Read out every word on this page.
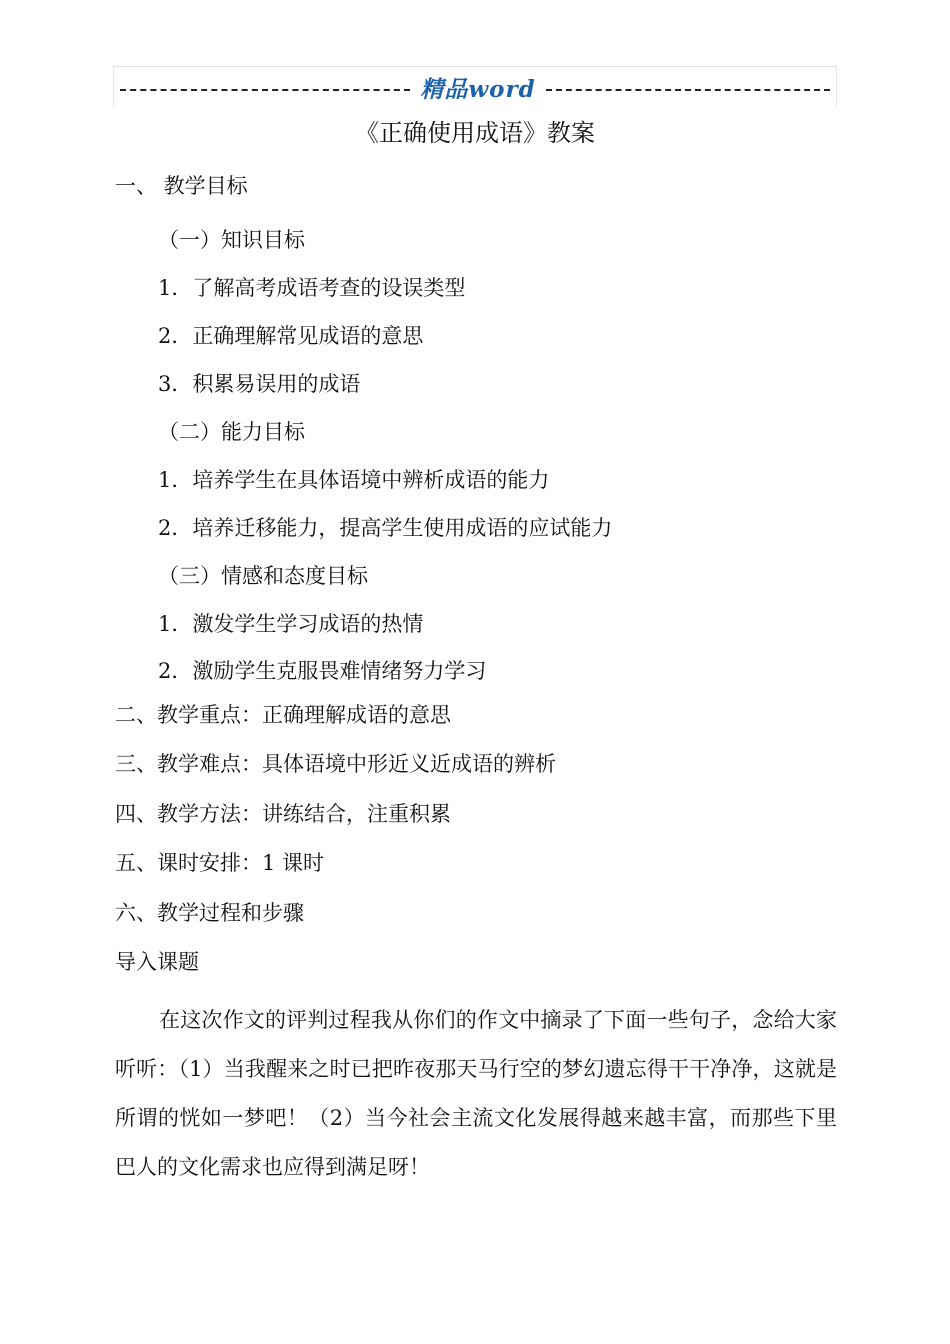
精品word
《正确使用成语》教案
一、 教学目标
（一）知识目标
1．了解高考成语考查的设误类型
2．正确理解常见成语的意思
3．积累易误用的成语
（二）能力目标
1．培养学生在具体语境中辨析成语的能力
2．培养迁移能力，提高学生使用成语的应试能力
（三）情感和态度目标
1．激发学生学习成语的热情
2．激励学生克服畏难情绪努力学习
二、教学重点：正确理解成语的意思
三、教学难点：具体语境中形近义近成语的辨析
四、教学方法：讲练结合，注重积累
五、课时安排：1 课时
六、教学过程和步骤
导入课题
在这次作文的评判过程我从你们的作文中摘录了下面一些句子，念给大家听听：（1）当我醒来之时已把昨夜那天马行空的梦幻遗忘得干干净净，这就是所谓的恍如一梦吧！（2）当今社会主流文化发展得越来越丰富，而那些下里巴人的文化需求也应得到满足呀！
